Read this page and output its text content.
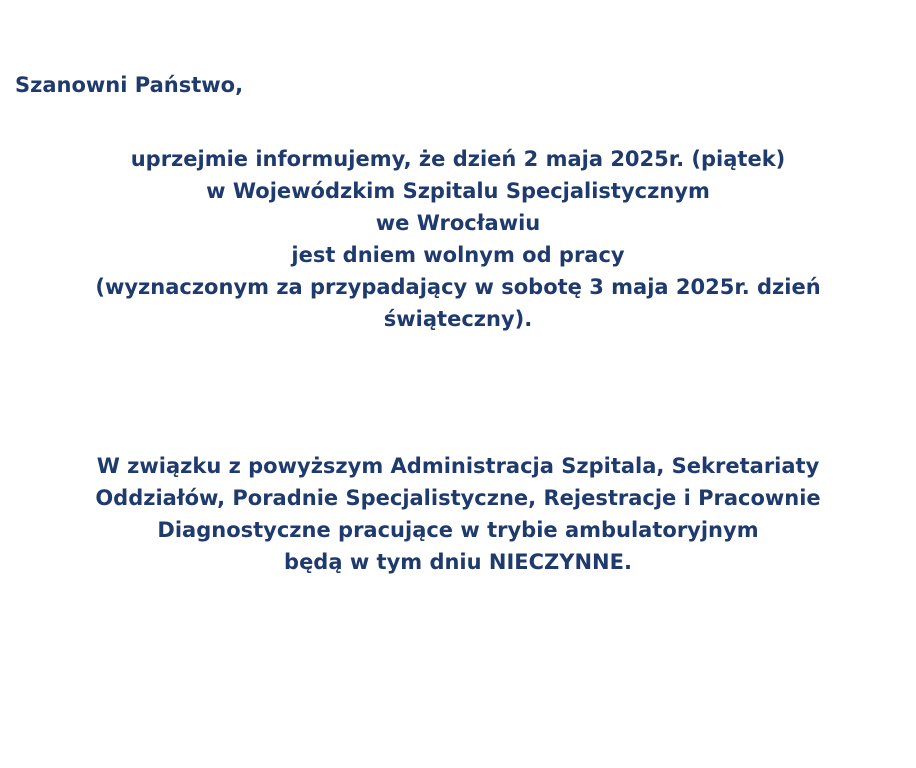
Szanowni Państwo,

uprzejmie informujemy, że dzień 2 maja 2025r. (piątek)
w Wojewódzkim Szpitalu Specjalistycznym
we Wrocławiu
jest dniem wolnym od pracy
(wyznaczonym za przypadający w sobotę 3 maja 2025r. dzień
świąteczny).

W związku z powyższym Administracja Szpitala, Sekretariaty
Oddziałów, Poradnie Specjalistyczne, Rejestracje i Pracownie
Diagnostyczne pracujące w trybie ambulatoryjnym
będą w tym dniu NIECZYNNE.
